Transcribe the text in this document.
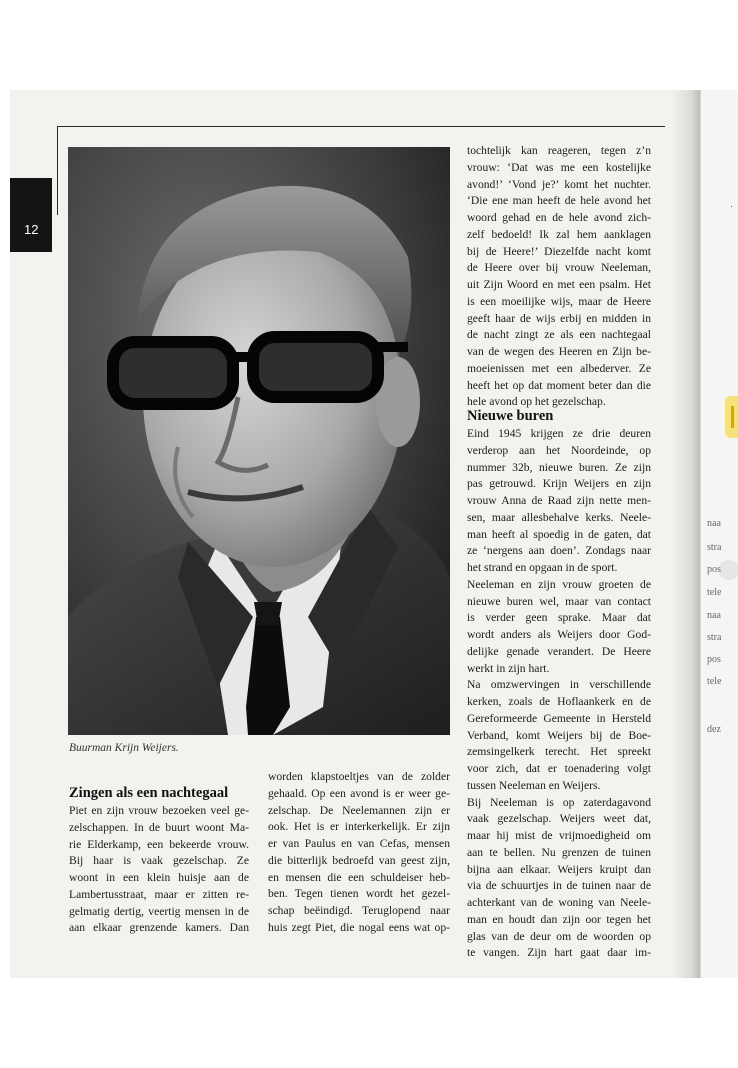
naa
stra
pos
tele
naa
stra
pos
tele
dez
12
Buurman Krijn Weijers.
Zingen als een nachtegaal
Nieuwe buren
Piet en zijn vrouw bezoeken veel ge-
zelschappen. In de buurt woont Ma-
rie Elderkamp, een bekeerde vrouw.
Bij haar is vaak gezelschap. Ze
woont in een klein huisje aan de
Lambertusstraat, maar er zitten re-
gelmatig dertig, veertig mensen in de
aan elkaar grenzende kamers. Dan
worden klapstoeltjes van de zolder
gehaald. Op een avond is er weer ge-
zelschap. De Neelemannen zijn er
ook. Het is er interkerkelijk. Er zijn
er van Paulus en van Cefas, mensen
die bitterlijk bedroefd van geest zijn,
en mensen die een schuldeiser heb-
ben. Tegen tienen wordt het gezel-
schap beëindigd. Teruglopend naar
huis zegt Piet, die nogal eens wat op-
tochtelijk kan reageren, tegen z’n
vrouw: ‘Dat was me een kostelijke
avond!’ ‘Vond je?’ komt het nuchter.
‘Die ene man heeft de hele avond het
woord gehad en de hele avond zich-
zelf bedoeld! Ik zal hem aanklagen
bij de Heere!’ Diezelfde nacht komt
de Heere over bij vrouw Neeleman,
uit Zijn Woord en met een psalm. Het
is een moeilijke wijs, maar de Heere
geeft haar de wijs erbij en midden in
de nacht zingt ze als een nachtegaal
van de wegen des Heeren en Zijn be-
moeienissen met een albederver. Ze
heeft het op dat moment beter dan die
hele avond op het gezelschap.
Eind 1945 krijgen ze drie deuren
verderop aan het Noordeinde, op
nummer 32b, nieuwe buren. Ze zijn
pas getrouwd. Krijn Weijers en zijn
vrouw Anna de Raad zijn nette men-
sen, maar allesbehalve kerks. Neele-
man heeft al spoedig in de gaten, dat
ze ‘nergens aan doen’. Zondags naar
het strand en opgaan in de sport.
Neeleman en zijn vrouw groeten de
nieuwe buren wel, maar van contact
is verder geen sprake. Maar dat
wordt anders als Weijers door God-
delijke genade verandert. De Heere
werkt in zijn hart.
Na omzwervingen in verschillende
kerken, zoals de Hoflaankerk en de
Gereformeerde Gemeente in Hersteld
Verband, komt Weijers bij de Boe-
zemsingelkerk terecht. Het spreekt
voor zich, dat er toenadering volgt
tussen Neeleman en Weijers.
Bij Neeleman is op zaterdagavond
vaak gezelschap. Weijers weet dat,
maar hij mist de vrijmoedigheid om
aan te bellen. Nu grenzen de tuinen
bijna aan elkaar. Weijers kruipt dan
via de schuurtjes in de tuinen naar de
achterkant van de woning van Neele-
man en houdt dan zijn oor tegen het
glas van de deur om de woorden op
te vangen. Zijn hart gaat daar im-
